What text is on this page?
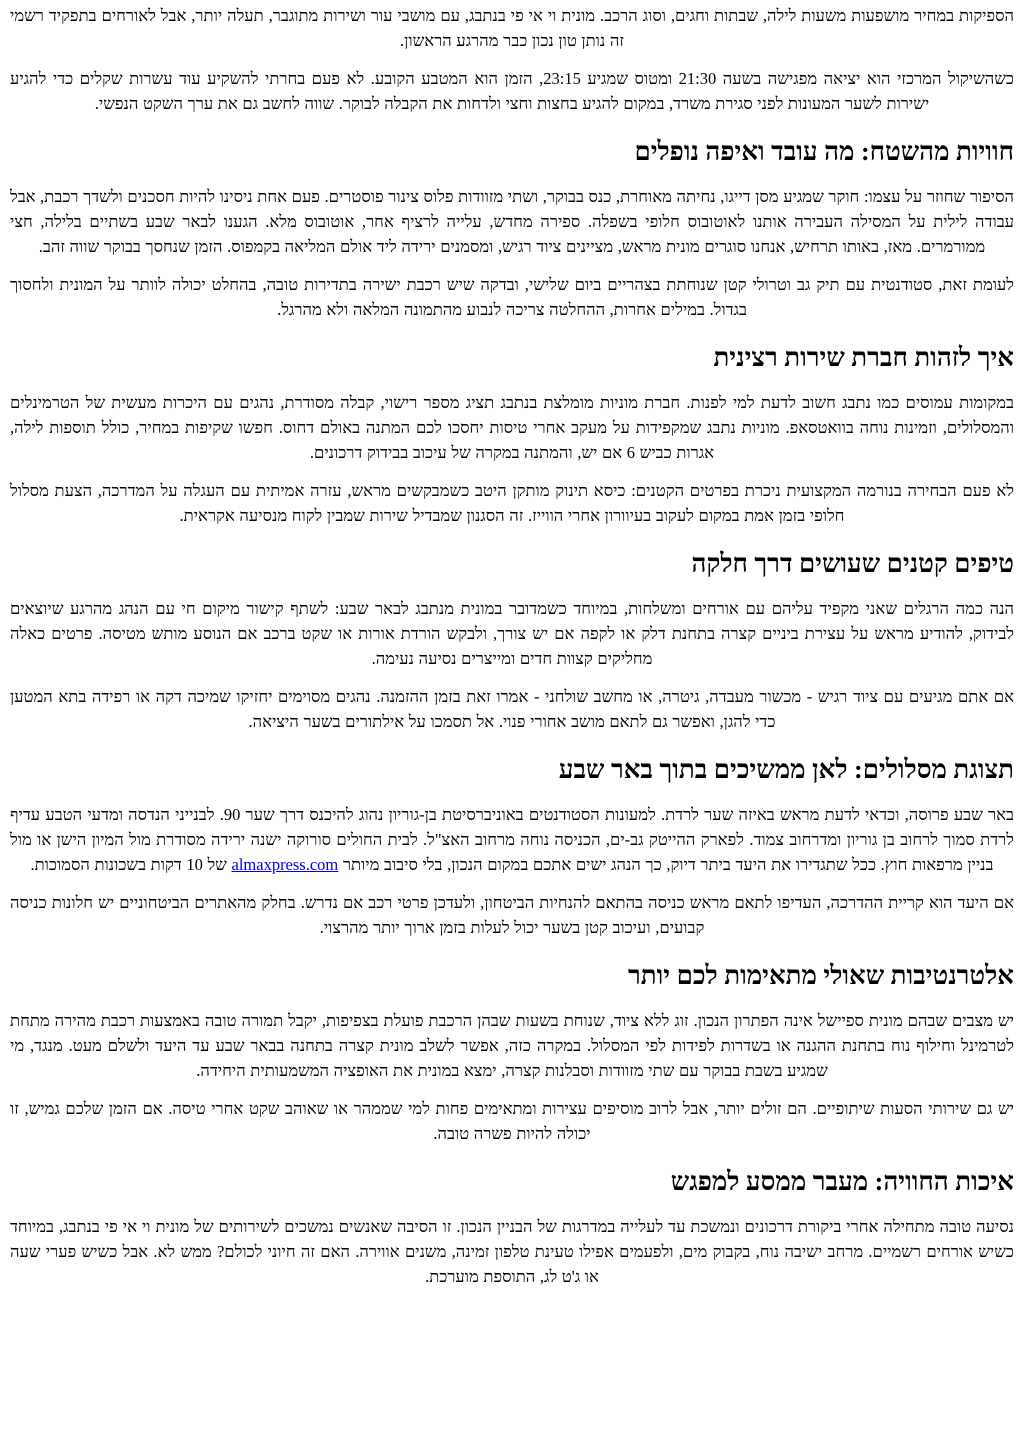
הספיקות במחיר מושפעות משעות לילה, שבתות וחגים, וסוג הרכב. מונית וי אי פי בנתבג, עם מושבי עור ושירות מתוגבר, תעלה יותר, אבל לאורחים בתפקיד רשמי זה נותן טון נכון כבר מהרגע הראשון.

כשהשיקול המרכזי הוא יציאה מפגישה בשעה 21:30 ומטוס שמגיע 23:15, הזמן הוא המטבע הקובע. לא פעם בחרתי להשקיע עוד עשרות שקלים כדי להגיע ישירות לשער המעונות לפני סגירת משרד, במקום להגיע בחצות וחצי ולדחות את הקבלה לבוקר. שווה לחשב גם את ערך השקט הנפשי.

חוויות מהשטח: מה עובד ואיפה נופלים

הסיפור שחוזר על עצמו: חוקר שמגיע מסן דייגו, נחיתה מאוחרת, כנס בבוקר, ושתי מזוודות פלוס צינור פוסטרים. פעם אחת ניסינו להיות חסכנים ולשדך רכבת, אבל עבודה לילית על המסילה העבירה אותנו לאוטובוס חלופי בשפלה. ספירה מחדש, עלייה לרציף אחר, אוטובוס מלא. הגענו לבאר שבע בשתיים בלילה, חצי ממורמרים. מאז, באותו תרחיש, אנחנו סוגרים מונית מראש, מציינים ציוד רגיש, ומסמנים ירידה ליד אולם המליאה בקמפוס. הזמן שנחסך בבוקר שווה זהב.

לעומת זאת, סטודנטית עם תיק גב וטרולי קטן שנוחתת בצהריים ביום שלישי, ובדקה שיש רכבת ישירה בתדירות טובה, בהחלט יכולה לוותר על המונית ולחסוך בגדול. במילים אחרות, ההחלטה צריכה לנבוע מהתמונה המלאה ולא מהרגל.

איך לזהות חברת שירות רצינית

במקומות עמוסים כמו נתבג חשוב לדעת למי לפנות. חברת מוניות מומלצת בנתבג תציג מספר רישוי, קבלה מסודרת, נהגים עם היכרות מעשית של הטרמינלים והמסלולים, וזמינות נוחה בוואטסאפ. מוניות נתבג שמקפידות על מעקב אחרי טיסות יחסכו לכם המתנה באולם דחוס. חפשו שקיפות במחיר, כולל תוספות לילה, אגרות כביש 6 אם יש, והמתנה במקרה של עיכוב בבידוק דרכונים.

לא פעם הבחירה בנורמה המקצועית ניכרת בפרטים הקטנים: כיסא תינוק מותקן היטב כשמבקשים מראש, עזרה אמיתית עם העגלה על המדרכה, הצעת מסלול חלופי בזמן אמת במקום לעקוב בעיוורון אחרי הווייז. זה הסגנון שמבדיל שירות שמבין לקוח מנסיעה אקראית.

טיפים קטנים שעושים דרך חלקה

הנה כמה הרגלים שאני מקפיד עליהם עם אורחים ומשלחות, במיוחד כשמדובר במונית מנתבג לבאר שבע: לשתף קישור מיקום חי עם הנהג מהרגע שיוצאים לבידוק, להודיע מראש על עצירת ביניים קצרה בתחנת דלק או לקפה אם יש צורך, ולבקש הורדת אורות או שקט ברכב אם הנוסע מותש מטיסה. פרטים כאלה מחליקים קצוות חדים ומייצרים נסיעה נעימה.

אם אתם מגיעים עם ציוד רגיש - מכשור מעבדה, גיטרה, או מחשב שולחני - אמרו זאת בזמן ההזמנה. נהגים מסוימים יחזיקו שמיכה דקה או רפידה בתא המטען כדי להגן, ואפשר גם לתאם מושב אחורי פנוי. אל תסמכו על אילתורים בשער היציאה.

תצוגת מסלולים: לאן ממשיכים בתוך באר שבע

באר שבע פרוסה, וכדאי לדעת מראש באיזה שער לרדת. למעונות הסטודנטים באוניברסיטת בן-גוריון נהוג להיכנס דרך שער 90. לבנייני הנדסה ומדעי הטבע עדיף לרדת סמוך לרחוב בן גוריון ומדרחוב צמוד. לפארק ההייטק גב-ים, הכניסה נוחה מרחוב האצ"ל. לבית החולים סורוקה ישנה ירידה מסודרת מול המיון הישן או מול בניין מרפאות חוץ. ככל שתגדירו את היעד ביתר דיוק, כך הנהג ישים אתכם במקום הנכון, בלי סיבוב מיותר almaxpress.com של 10 דקות בשכונות הסמוכות.

אם היעד הוא קריית ההדרכה, העדיפו לתאם מראש כניסה בהתאם להנחיות הביטחון, ולעדכן פרטי רכב אם נדרש. בחלק מהאתרים הביטחוניים יש חלונות כניסה קבועים, ועיכוב קטן בשער יכול לעלות בזמן ארוך יותר מהרצוי.

אלטרנטיבות שאולי מתאימות לכם יותר

יש מצבים שבהם מונית ספיישל אינה הפתרון הנכון. זוג ללא ציוד, שנוחת בשעות שבהן הרכבת פועלת בצפיפות, יקבל תמורה טובה באמצעות רכבת מהירה מתחת לטרמינל וחילוף נוח בתחנת ההגנה או בשדרות לפידות לפי המסלול. במקרה כזה, אפשר לשלב מונית קצרה בתחנה בבאר שבע עד היעד ולשלם מעט. מנגד, מי שמגיע בשבת בבוקר עם שתי מזוודות וסבלנות קצרה, ימצא במונית את האופציה המשמעותית היחידה.

יש גם שירותי הסעות שיתופיים. הם זולים יותר, אבל לרוב מוסיפים עצירות ומתאימים פחות למי שממהר או שאוהב שקט אחרי טיסה. אם הזמן שלכם גמיש, זו יכולה להיות פשרה טובה.

איכות החוויה: מעבר ממסע למפגש

נסיעה טובה מתחילה אחרי ביקורת דרכונים ונמשכת עד לעלייה במדרגות של הבניין הנכון. זו הסיבה שאנשים נמשכים לשירותים של מונית וי אי פי בנתבג, במיוחד כשיש אורחים רשמיים. מרחב ישיבה נוח, בקבוק מים, ולפעמים אפילו טעינת טלפון זמינה, משנים אווירה. האם זה חיוני לכולם? ממש לא. אבל כשיש פערי שעה או ג'ט לג, התוספת מוערכת.
